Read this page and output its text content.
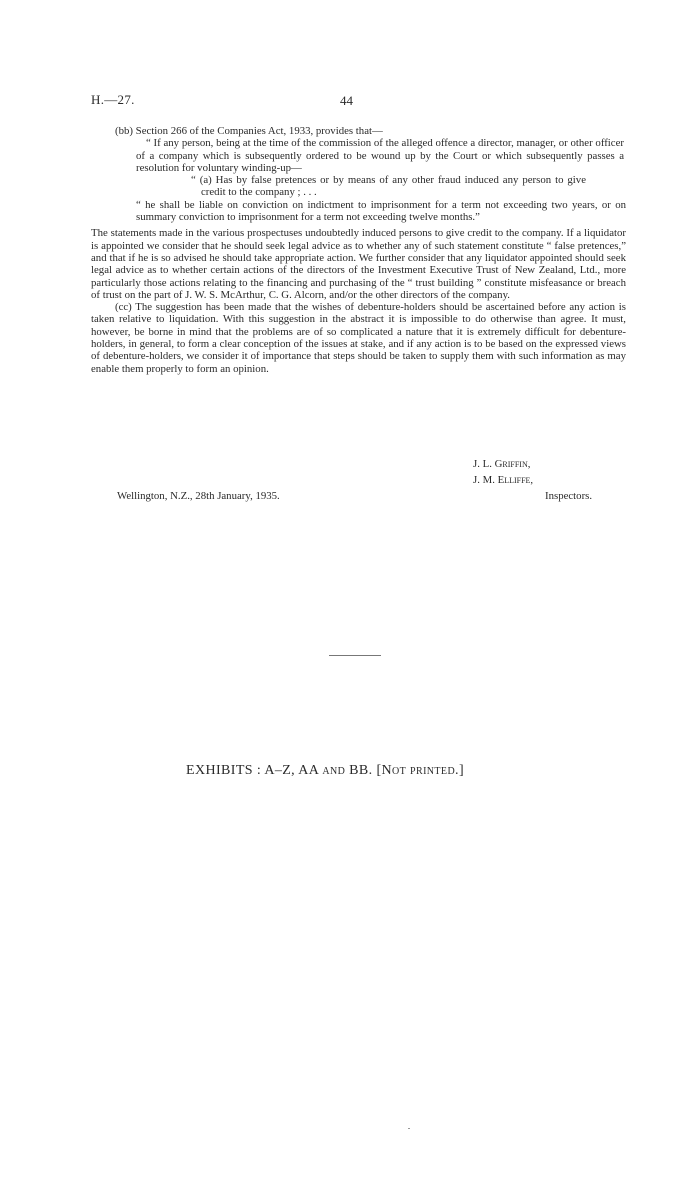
H.—27.	44

(bb) Section 266 of the Companies Act, 1933, provides that—

“ If any person, being at the time of the commission of the alleged offence a director, manager, or other officer of a company which is subsequently ordered to be wound up by the Court or which subsequently passes a resolution for voluntary winding-up—

“ (a) Has by false pretences or by means of any other fraud induced any person to give credit to the company ; . . .

“ he shall be liable on conviction on indictment to imprisonment for a term not exceeding two years, or on summary conviction to imprisonment for a term not exceeding twelve months.”

The statements made in the various prospectuses undoubtedly induced persons to give credit to the company. If a liquidator is appointed we consider that he should seek legal advice as to whether any of such statement constitute “ false pretences,” and that if he is so advised he should take appropriate action. We further consider that any liquidator appointed should seek legal advice as to whether certain actions of the directors of the Investment Executive Trust of New Zealand, Ltd., more particularly those actions relating to the financing and purchasing of the “ trust building ” constitute misfeasance or breach of trust on the part of J. W. S. McArthur, C. G. Alcorn, and/or the other directors of the company.

(cc) The suggestion has been made that the wishes of debenture-holders should be ascertained before any action is taken relative to liquidation. With this suggestion in the abstract it is impossible to do otherwise than agree. It must, however, be borne in mind that the problems are of so complicated a nature that it is extremely difficult for debenture-holders, in general, to form a clear conception of the issues at stake, and if any action is to be based on the expressed views of debenture-holders, we consider it of importance that steps should be taken to supply them with such information as may enable them properly to form an opinion.

J. L. Griffin,
J. M. Elliffe,
Inspectors.
Wellington, N.Z., 28th January, 1935.
EXHIBITS : A–Z, AA and BB. [Not printed.]
